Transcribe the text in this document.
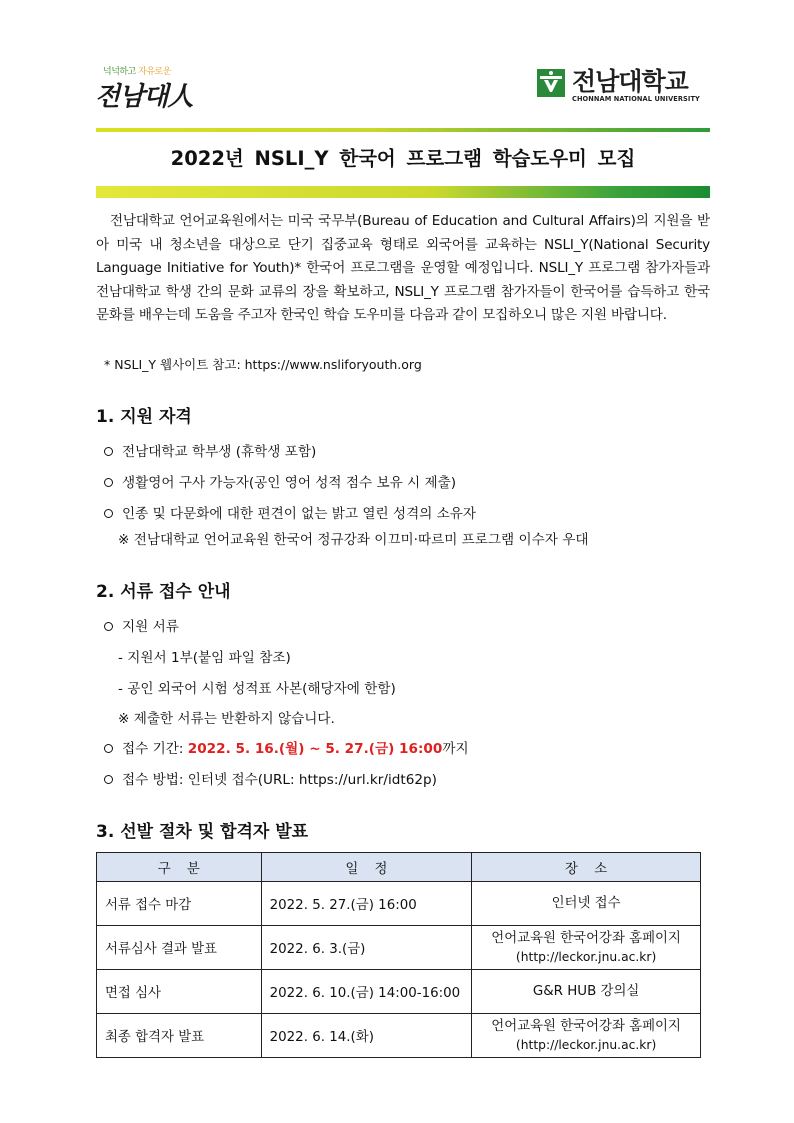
넉넉하고 자유로운
전남대人
전남대학교
CHONNAM NATIONAL UNIVERSITY
2022년 NSLI_Y 한국어 프로그램 학습도우미 모집

전남대학교 언어교육원에서는 미국 국무부(Bureau of Education and Cultural Affairs)의 지원을 받아 미국 내 청소년을 대상으로 단기 집중교육 형태로 외국어를 교육하는 NSLI_Y(National Security Language Initiative for Youth)* 한국어 프로그램을 운영할 예정입니다. NSLI_Y 프로그램 참가자들과 전남대학교 학생 간의 문화 교류의 장을 확보하고, NSLI_Y 프로그램 참가자들이 한국어를 습득하고 한국 문화를 배우는데 도움을 주고자 한국인 학습 도우미를 다음과 같이 모집하오니 많은 지원 바랍니다.

* NSLI_Y 웹사이트 참고: https://www.nsliforyouth.org
1. 지원 자격
전남대학교 학부생 (휴학생 포함)
생활영어 구사 가능자(공인 영어 성적 점수 보유 시 제출)
인종 및 다문화에 대한 편견이 없는 밝고 열린 성격의 소유자
※ 전남대학교 언어교육원 한국어 정규강좌 이끄미·따르미 프로그램 이수자 우대
2. 서류 접수 안내
지원 서류
- 지원서 1부(붙임 파일 참조)
- 공인 외국어 시험 성적표 사본(해당자에 한함)
※ 제출한 서류는 반환하지 않습니다.
접수 기간: 2022. 5. 16.(월) ~ 5. 27.(금) 16:00까지
접수 방법: 인터넷 접수(URL: https://url.kr/idt62p)
3. 선발 절차 및 합격자 발표
구 분	일 정	장 소
서류 접수 마감	2022. 5. 27.(금) 16:00	인터넷 접수

서류심사 결과 발표	2022. 6. 3.(금)	언어교육원 한국어강좌 홈페이지
(http://leckor.jnu.ac.kr)

면접 심사	2022. 6. 10.(금) 14:00-16:00	G&R HUB 강의실

최종 합격자 발표	2022. 6. 14.(화)	언어교육원 한국어강좌 홈페이지
(http://leckor.jnu.ac.kr)
